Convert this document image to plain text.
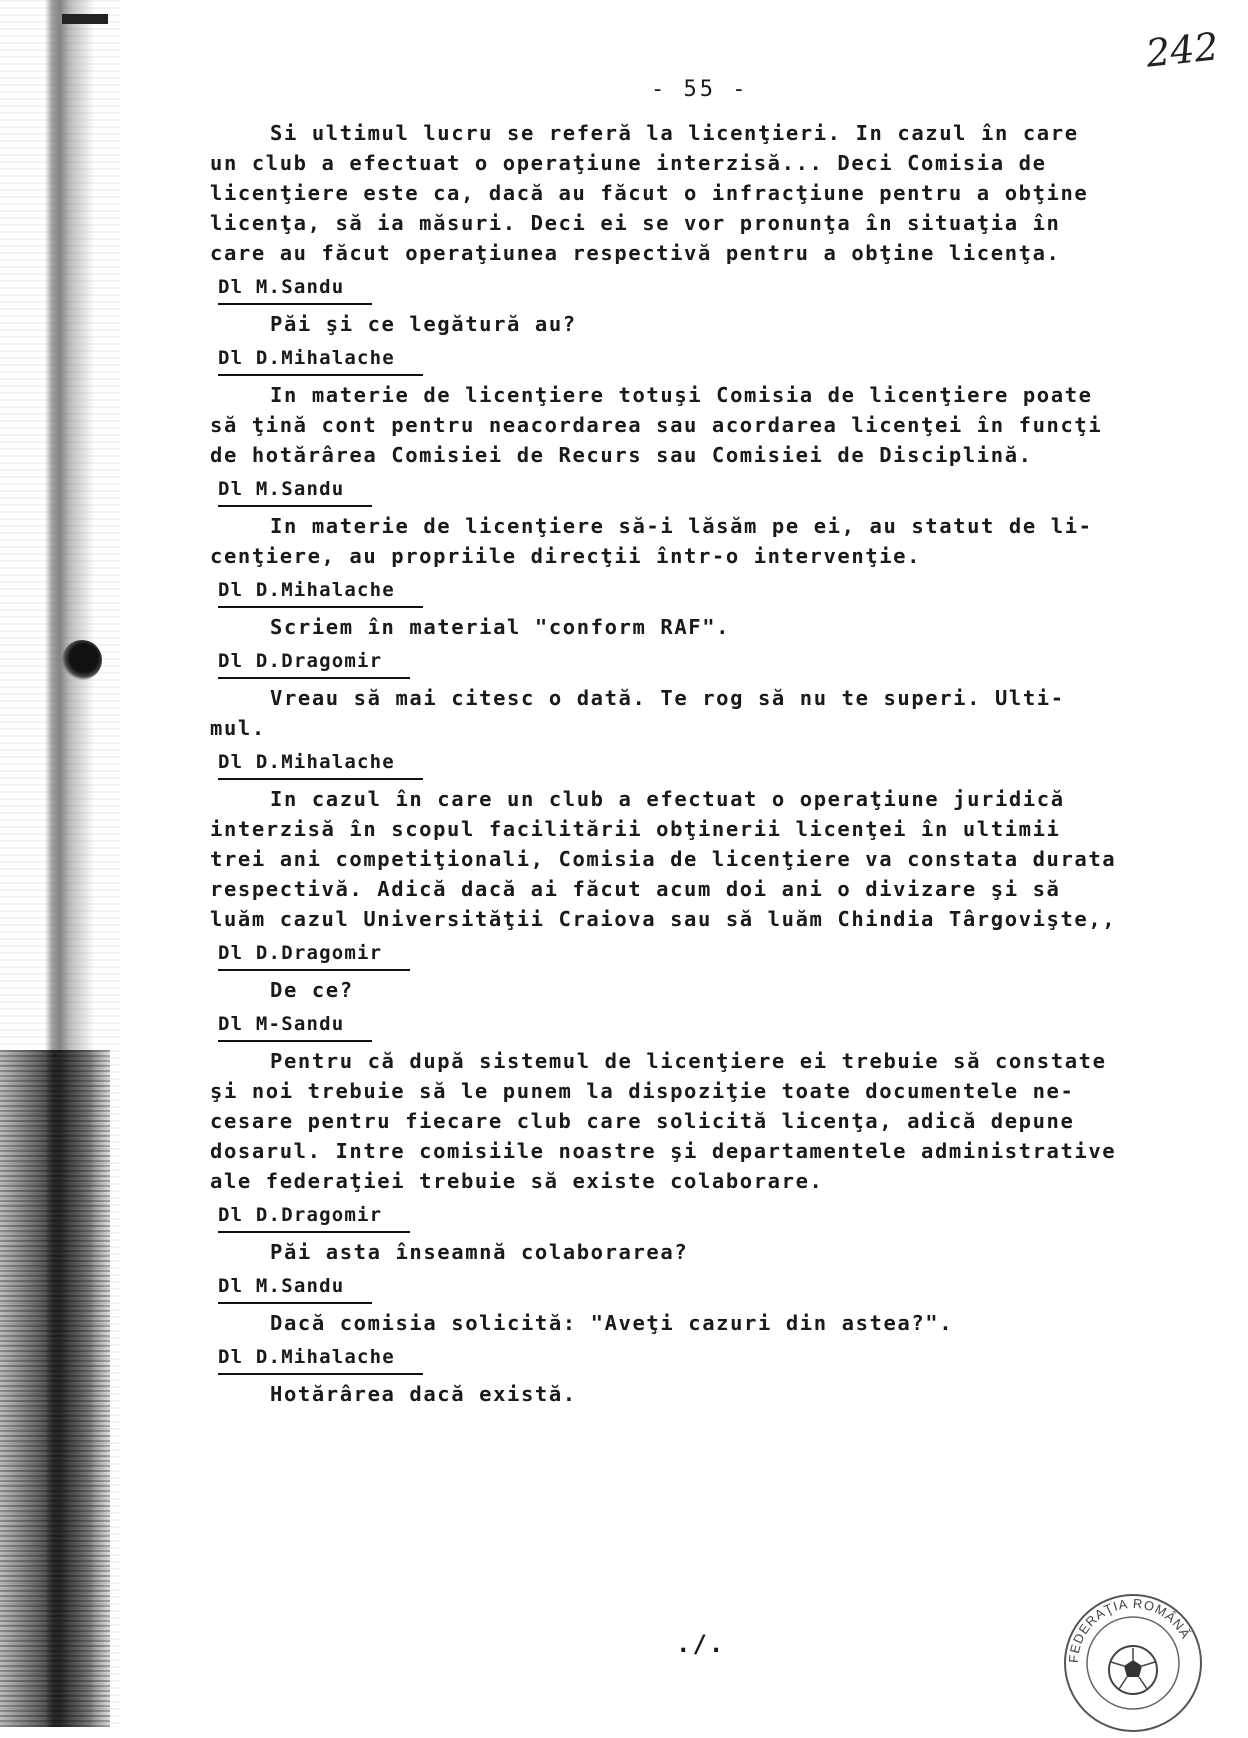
242
- 55 -
Si ultimul lucru se referă la licenţieri. In cazul în care
un club a efectuat o operaţiune interzisă... Deci Comisia de
licenţiere este ca, dacă au făcut o infracţiune pentru a obţine
licenţa, să ia măsuri. Deci ei se vor pronunţa în situaţia în
care au făcut operaţiunea respectivă pentru a obţine licenţa.
Dl M.Sandu
Păi şi ce legătură au?
Dl D.Mihalache
In materie de licenţiere totuşi Comisia de licenţiere poate
să ţină cont pentru neacordarea sau acordarea licenţei în funcţi
de hotărârea Comisiei de Recurs sau Comisiei de Disciplină.
Dl M.Sandu
In materie de licenţiere să-i lăsăm pe ei, au statut de li-
cenţiere, au propriile direcţii într-o intervenţie.
Dl D.Mihalache
Scriem în material "conform RAF".
Dl D.Dragomir
Vreau să mai citesc o dată. Te rog să nu te superi. Ulti-
mul.
Dl D.Mihalache
In cazul în care un club a efectuat o operaţiune juridică
interzisă în scopul facilitării obţinerii licenţei în ultimii
trei ani competiţionali, Comisia de licenţiere va constata durata
respectivă. Adică dacă ai făcut acum doi ani o divizare şi să
luăm cazul Universităţii Craiova sau să luăm Chindia Târgovişte,,
Dl D.Dragomir
De ce?
Dl M-Sandu
Pentru că după sistemul de licenţiere ei trebuie să constate
şi noi trebuie să le punem la dispoziţie toate documentele ne-
cesare pentru fiecare club care solicită licenţa, adică depune
dosarul. Intre comisiile noastre şi departamentele administrative
ale federaţiei trebuie să existe colaborare.
Dl D.Dragomir
Păi asta înseamnă colaborarea?
Dl M.Sandu
Dacă comisia solicită: "Aveţi cazuri din astea?".
Dl D.Mihalache
Hotărârea dacă există.
./.
FEDERAŢIA ROMÂNĂ
